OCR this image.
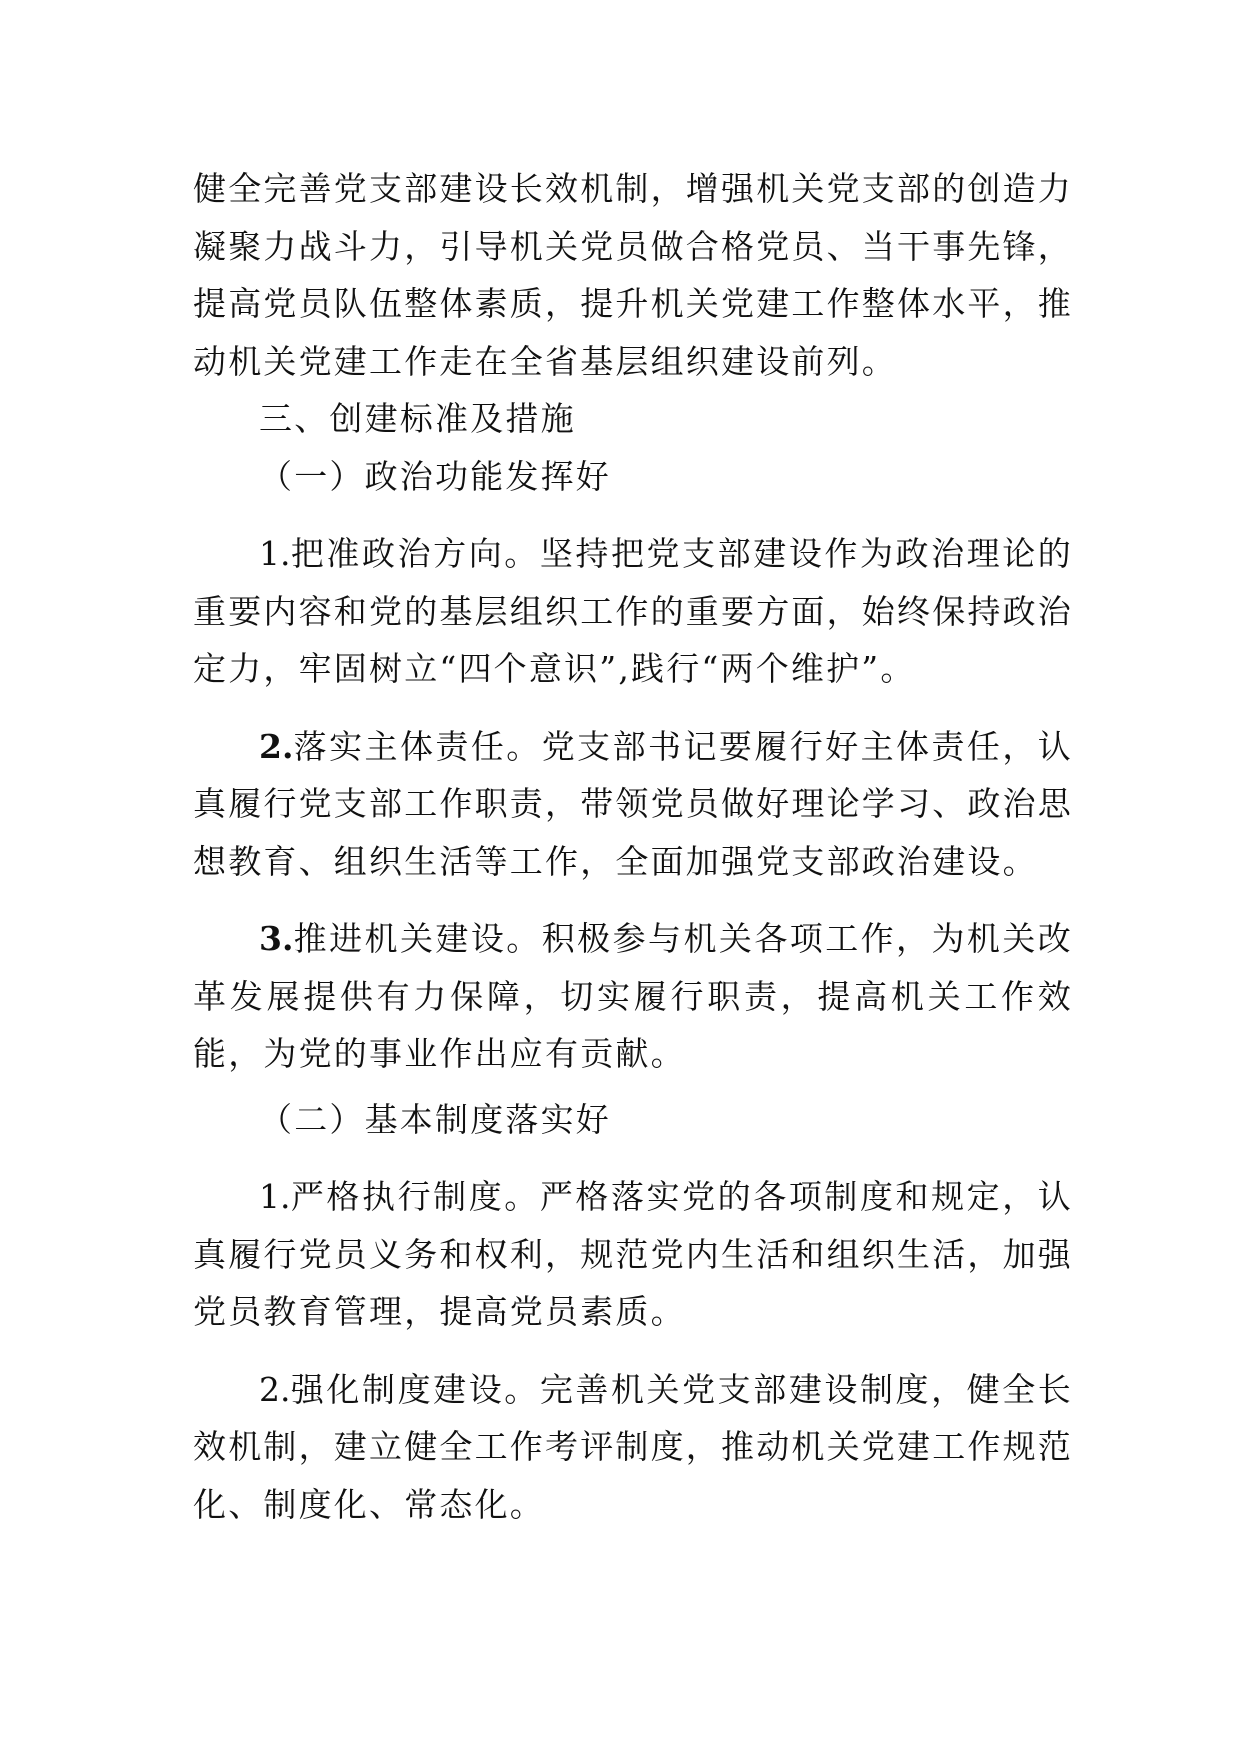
健全完善党支部建设长效机制，增强机关党支部的创造力凝聚力战斗力，引导机关党员做合格党员、当干事先锋，提高党员队伍整体素质，提升机关党建工作整体水平，推动机关党建工作走在全省基层组织建设前列。

三、创建标准及措施

（一）政治功能发挥好

1.把准政治方向。坚持把党支部建设作为政治理论的重要内容和党的基层组织工作的重要方面，始终保持政治定力，牢固树立“四个意识”,践行“两个维护”。

2.落实主体责任。党支部书记要履行好主体责任，认真履行党支部工作职责，带领党员做好理论学习、政治思想教育、组织生活等工作，全面加强党支部政治建设。

3.推进机关建设。积极参与机关各项工作，为机关改革发展提供有力保障，切实履行职责，提高机关工作效能，为党的事业作出应有贡献。

（二）基本制度落实好

1.严格执行制度。严格落实党的各项制度和规定，认真履行党员义务和权利，规范党内生活和组织生活，加强党员教育管理，提高党员素质。

2.强化制度建设。完善机关党支部建设制度，健全长效机制，建立健全工作考评制度，推动机关党建工作规范化、制度化、常态化。
